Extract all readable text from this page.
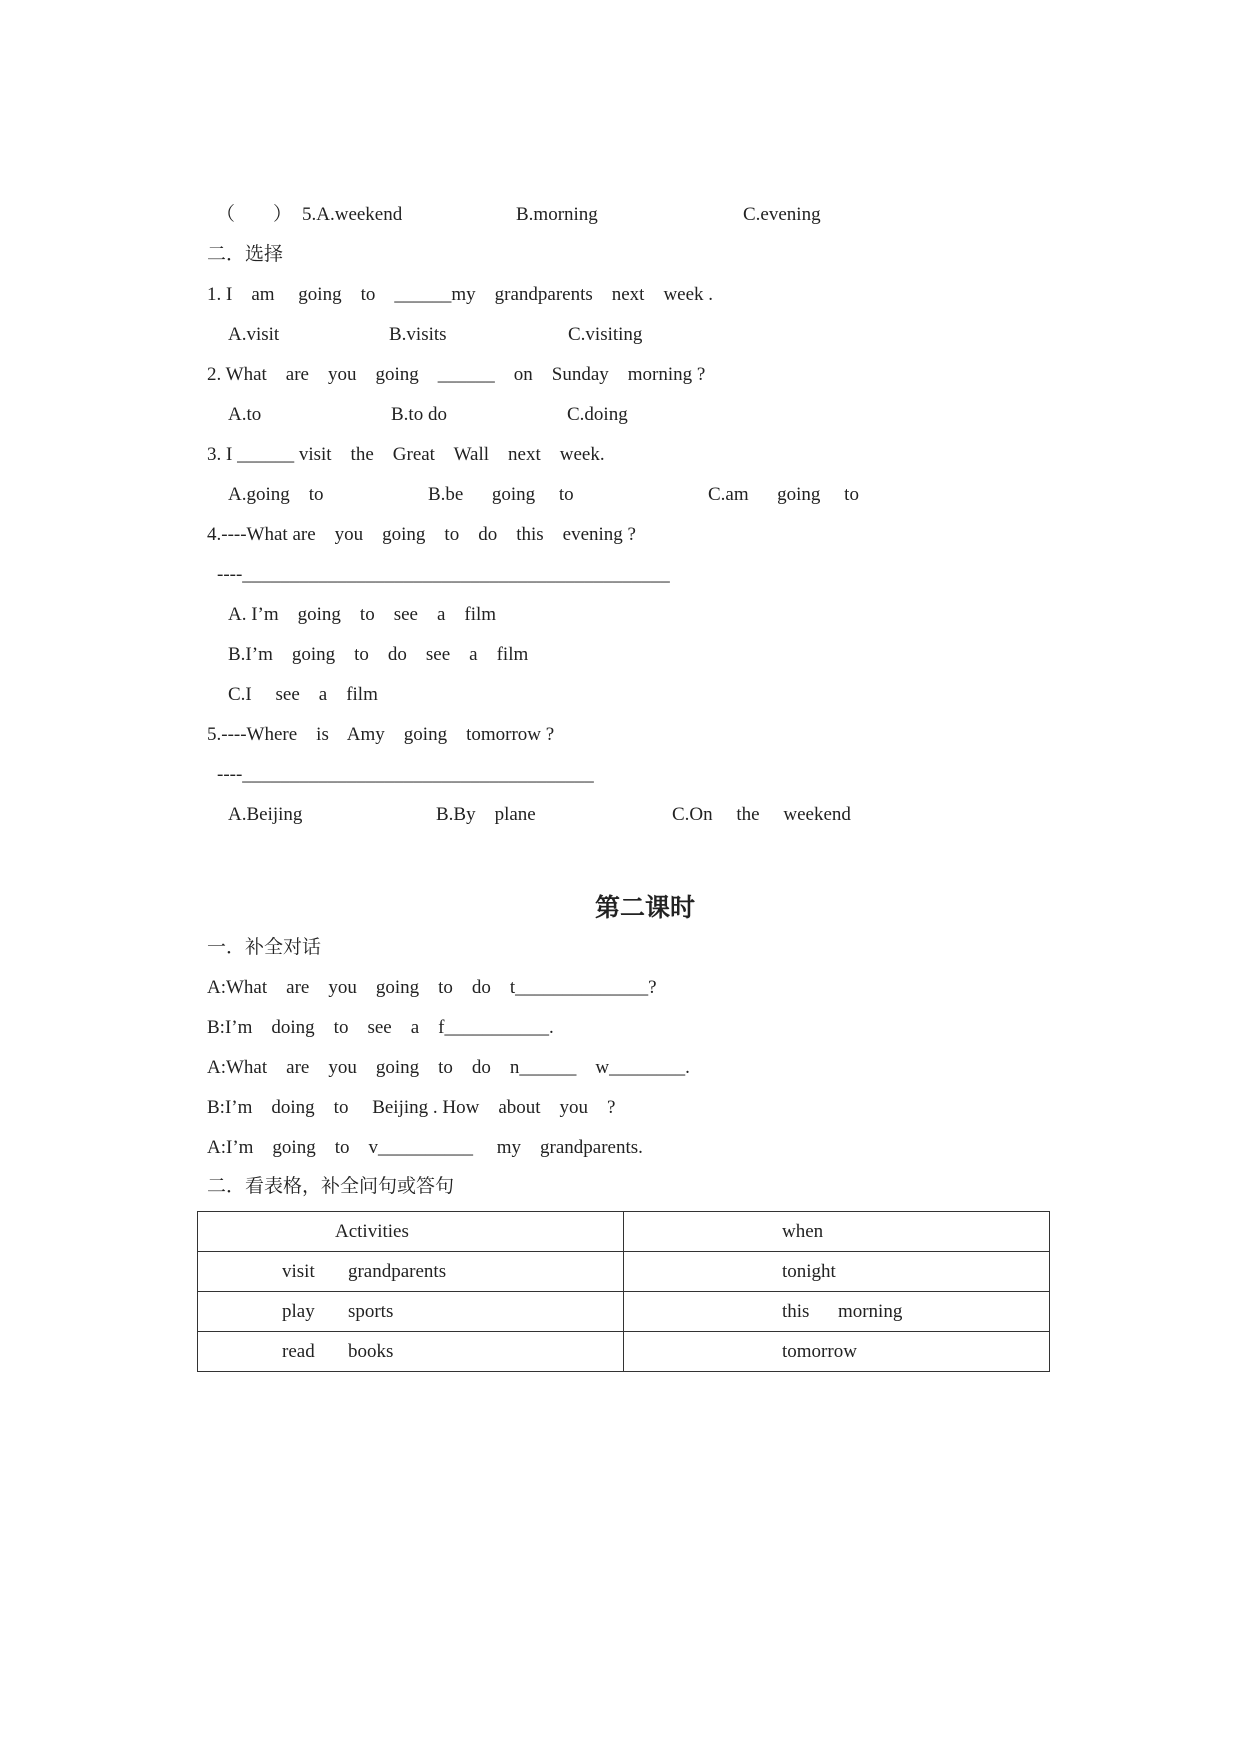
（        ） 5.A.weekend	B.morning	C.evening
二．选择
1. I    am     going    to    ______my    grandparents    next    week .
A.visit	B.visits	C.visiting
2. What    are    you    going    ______    on    Sunday    morning ?
A.to	B.to do	C.doing
3. I ______ visit    the    Great    Wall    next    week.
A.going    to	B.be      going     to	C.am      going     to
4.----What are    you    going    to    do    this    evening ?
----_____________________________________________
A. I’m    going    to    see    a    film
B.I’m    going    to    do    see    a    film
C.I     see    a    film
5.----Where    is    Amy    going    tomorrow ?
----_____________________________________
A.Beijing	B.By    plane	C.On     the     weekend
第二课时
一．补全对话
A:What    are    you    going    to    do    t______________?
B:I’m    doing    to    see    a    f___________.
A:What    are    you    going    to    do    n______    w________.
B:I’m    doing    to     Beijing . How    about    you    ?
A:I’m    going    to    v__________     my    grandparents.
二．看表格，补全问句或答句
Activities	when
visit       grandparents	tonight
play       sports	this      morning
read       books	tomorrow
